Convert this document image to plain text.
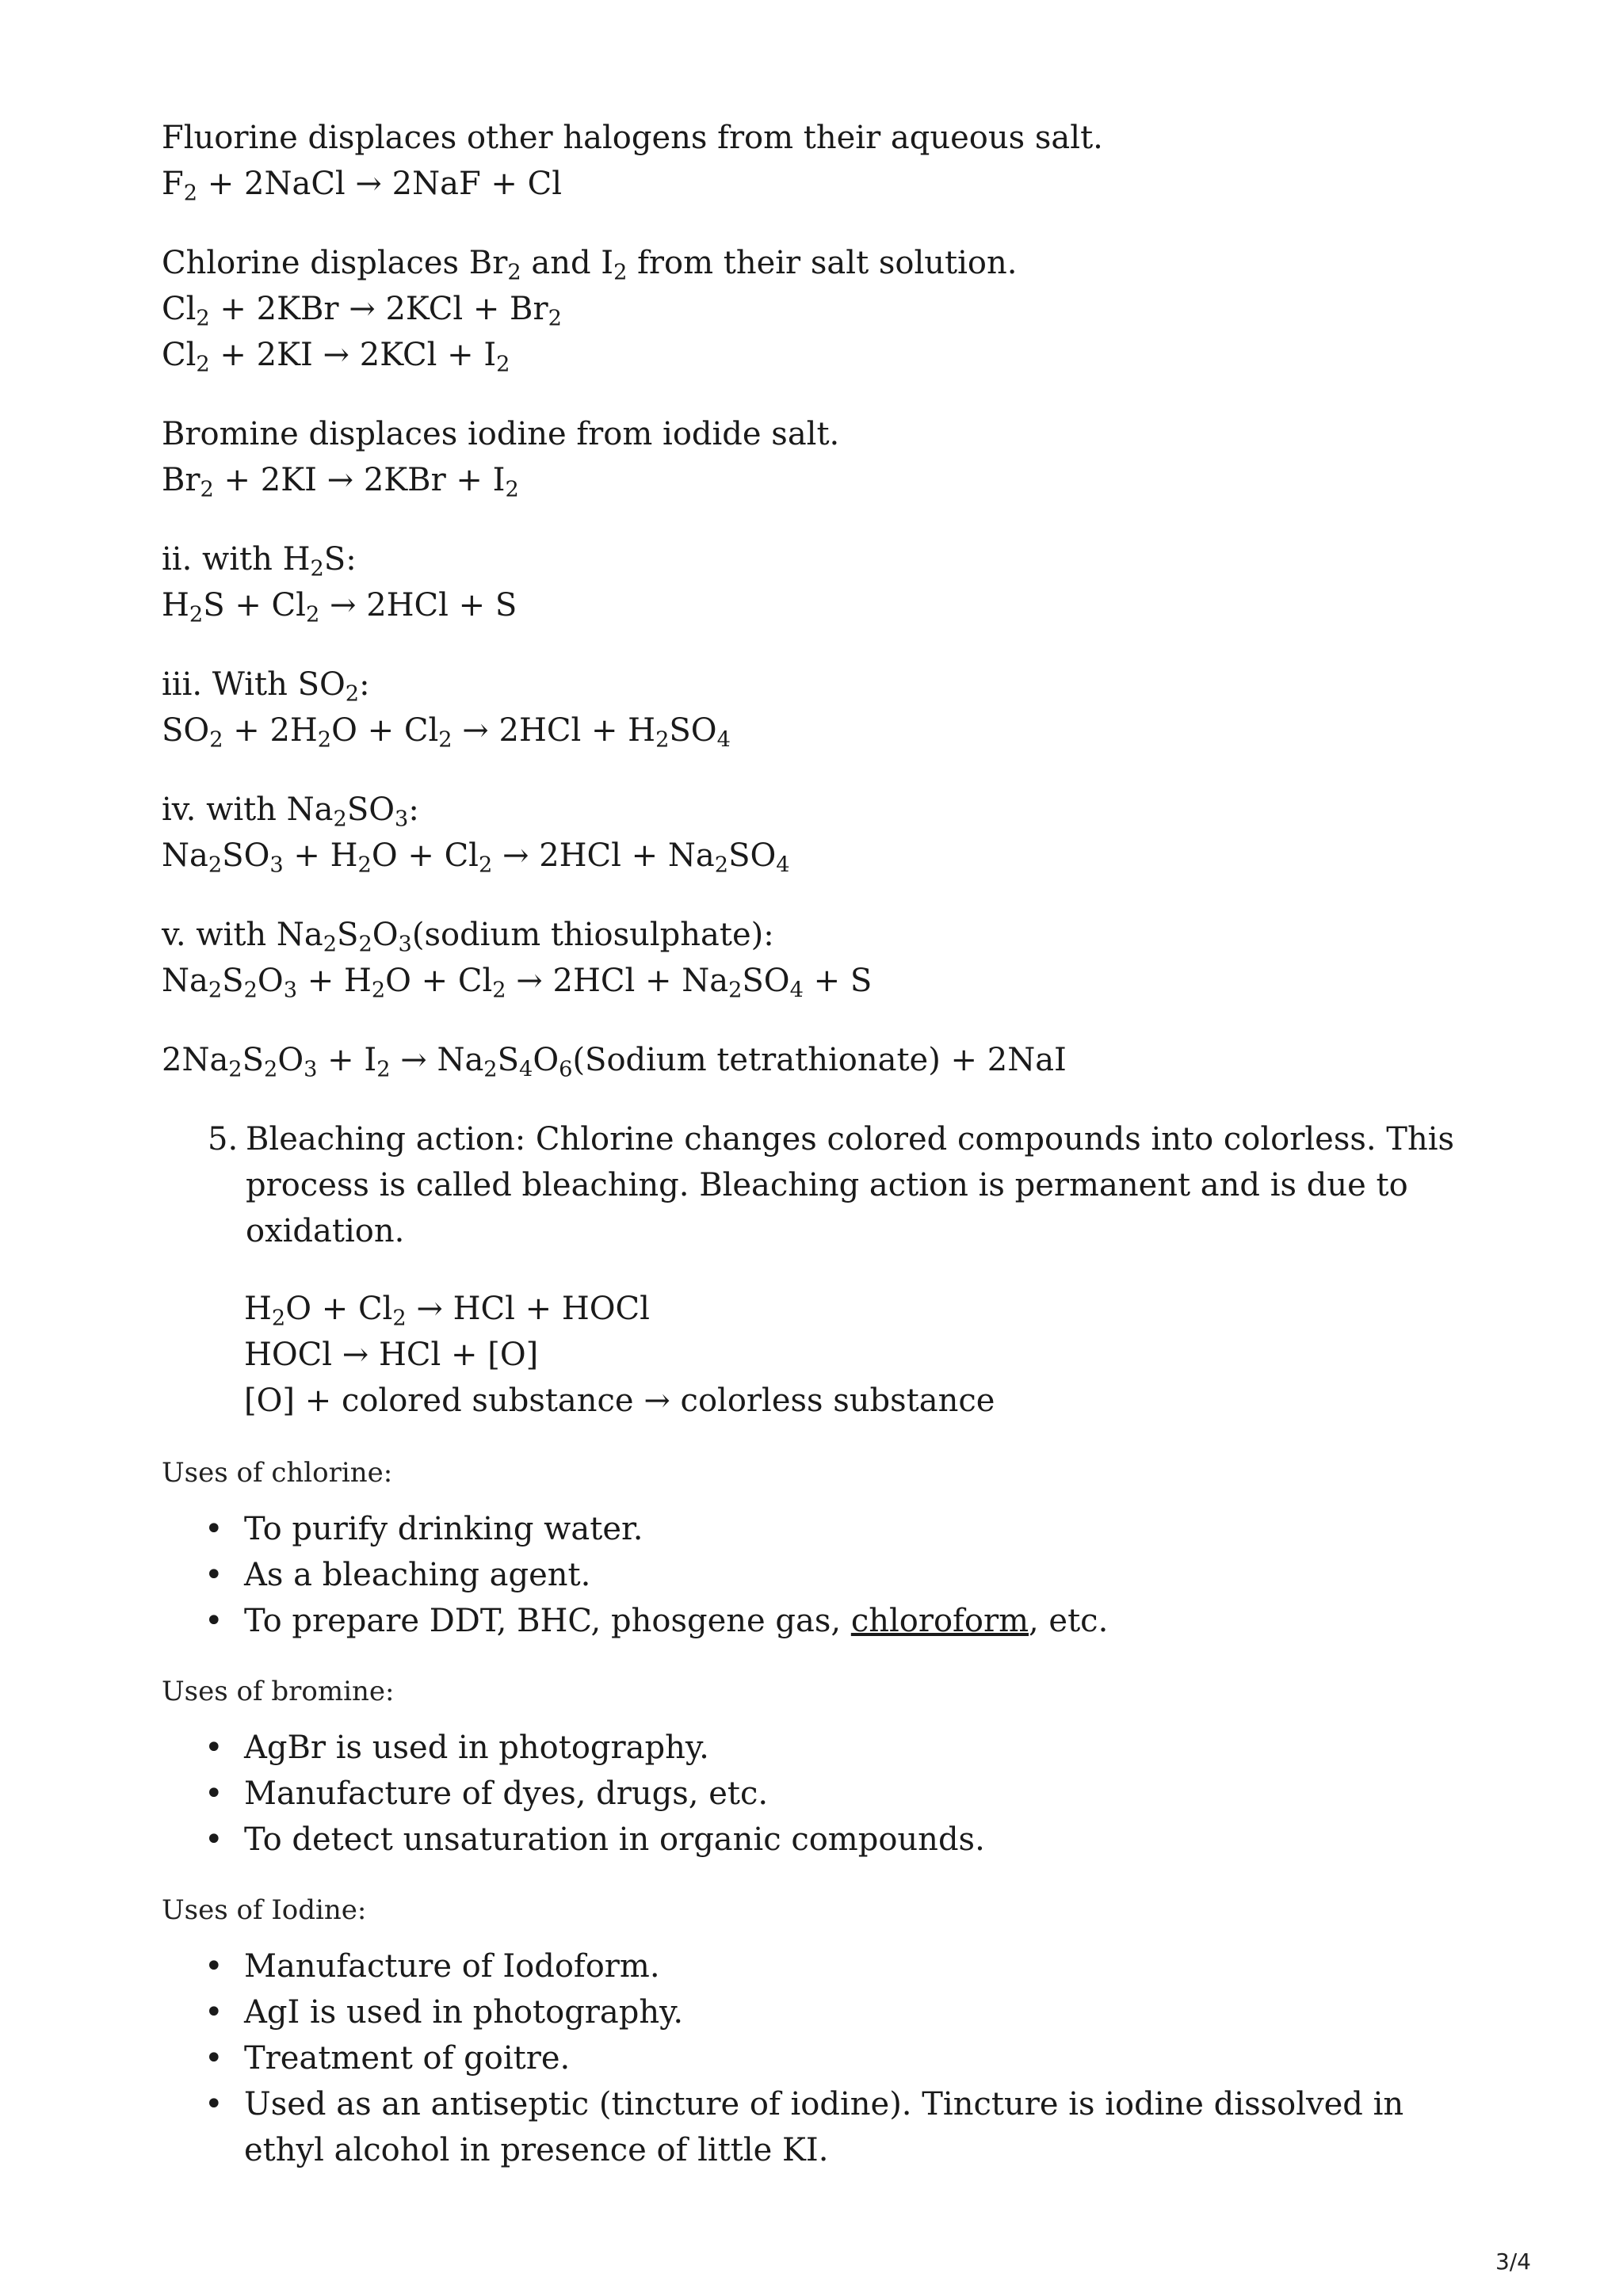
Fluorine displaces other halogens from their aqueous salt.
$F_2$ + 2NaCl → 2NaF + Cl
Chlorine displaces $Br_2$ and $I_2$ from their salt solution.
$Cl_2 + 2KBr \to 2KCl + Br_2$
$Cl_2 + 2KI \to 2KCl + I_2$
Bromine displaces iodine from iodide salt.
$Br_2 + 2KI \to 2KBr + I_2$
ii. with $H_2S$:
$H_2S + Cl_2 \to 2HCl + S$
iii. With $SO_2$:
$SO_2 + 2H_2O + Cl_2 \to 2HCl + H_2SO_4$
iv. with $Na_2SO_3$:
$Na_2SO_3 + H_2O + Cl_2 \to 2HCl + Na_2SO_4$
v. with $Na_2S_2O_3(sodium$ thiosulphate):
$Na_2S_2O_3 + H_2O + Cl_2 \to 2HCl + Na_2SO_4 + S$
$2Na_2S_2O_3 + I_2$ → $Na_2S_4O_6(Sodium$ tetrathionate) + 2NaI
5. Bleaching action: Chlorine changes colored compounds into colorless. This process is called bleaching. Bleaching action is permanent and is due to oxidation.
$H_2O + Cl_2$ → HCl + HOCl
HOCl → HCl + [O]
[O] + colored substance → colorless substance
Uses of chlorine:
• To purify drinking water.
• As a bleaching agent.
• To prepare DDT, BHC, phosgene gas, chloroform, etc.
Uses of bromine:
• AgBr is used in photography.
• Manufacture of dyes, drugs, etc.
• To detect unsaturation in organic compounds.
Uses of Iodine:
• Manufacture of Iodoform.
• AgI is used in photography.
• Treatment of goitre.
• Used as an antiseptic (tincture of iodine). Tincture is iodine dissolved in ethyl alcohol in presence of little KI.
3/4
